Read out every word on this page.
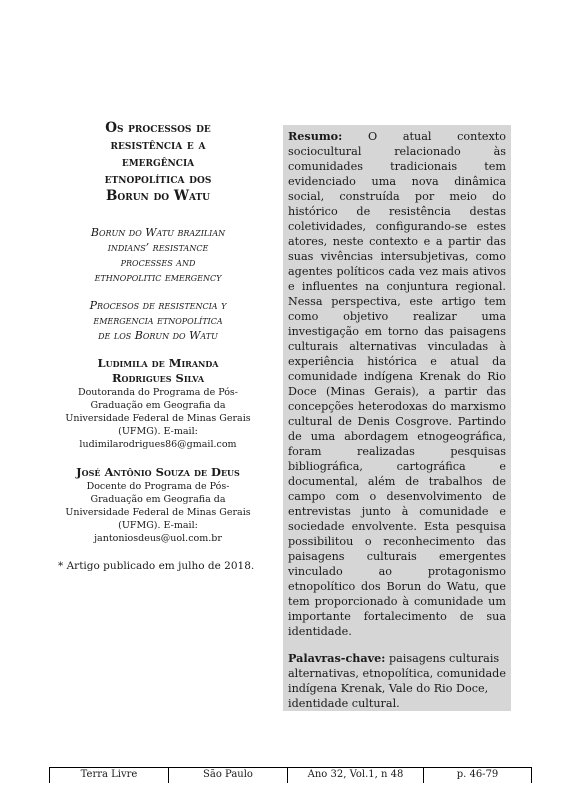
Os processos de
resistência e a
emergência
etnopolítica dos
Borun do Watu
Borun do Watu brazilian
indians’ resistance
processes and
ethnopolitic emergency
Procesos de resistencia y
emergencia etnopolítica
de los Borun do Watu
Ludimila de Miranda
Rodrigues Silva
Doutoranda do Programa de Pós-
Graduação em Geografia da
Universidade Federal de Minas Gerais
(UFMG). E-mail:
ludimilarodrigues86@gmail.com
José Antônio Souza de Deus
Docente do Programa de Pós-
Graduação em Geografia da
Universidade Federal de Minas Gerais
(UFMG). E-mail:
jantoniosdeus@uol.com.br
* Artigo publicado em julho de 2018.
Resumo: O atual contexto sociocultural relacionado às comunidades tradicionais tem evidenciado uma nova dinâmica social, construída por meio do histórico de resistência destas coletividades, configurando-se estes atores, neste contexto e a partir das suas vivências intersubjetivas, como agentes políticos cada vez mais ativos e influentes na conjuntura regional. Nessa perspectiva, este artigo tem como objetivo realizar uma investigação em torno das paisagens culturais alternativas vinculadas à experiência histórica e atual da comunidade indígena Krenak do Rio Doce (Minas Gerais), a partir das concepções heterodoxas do marxismo cultural de Denis Cosgrove. Partindo de uma abordagem etnogeográfica, foram realizadas pesquisas bibliográfica, cartográfica e documental, além de trabalhos de campo com o desenvolvimento de entrevistas junto à comunidade e sociedade envolvente. Esta pesquisa possibilitou o reconhecimento das paisagens culturais emergentes vinculado ao protagonismo etnopolítico dos Borun do Watu, que tem proporcionado à comunidade um importante fortalecimento de sua identidade.
Palavras-chave: paisagens culturais alternativas, etnopolítica, comunidade indígena Krenak, Vale do Rio Doce, identidade cultural.
Terra Livre	São Paulo	Ano 32, Vol.1, n 48	p. 46-79
